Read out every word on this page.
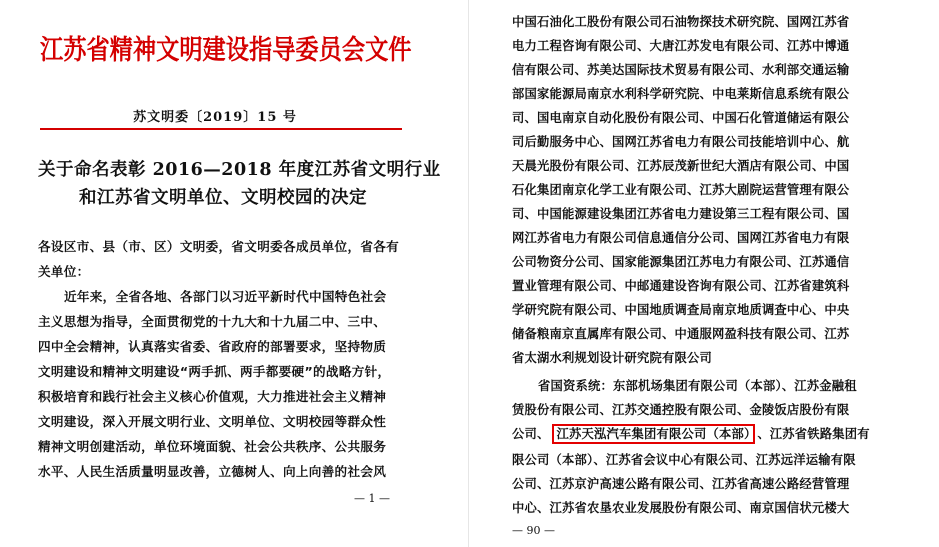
江苏省精神文明建设指导委员会文件
苏文明委〔2019〕15 号
关于命名表彰 2016—2018 年度江苏省文明行业
和江苏省文明单位、文明校园的决定
各设区市、县（市、区）文明委，省文明委各成员单位，省各有
关单位：
近年来，全省各地、各部门以习近平新时代中国特色社会
主义思想为指导，全面贯彻党的十九大和十九届二中、三中、
四中全会精神，认真落实省委、省政府的部署要求，坚持物质
文明建设和精神文明建设“两手抓、两手都要硬”的战略方针，
积极培育和践行社会主义核心价值观，大力推进社会主义精神
文明建设，深入开展文明行业、文明单位、文明校园等群众性
精神文明创建活动，单位环境面貌、社会公共秩序、公共服务
水平、人民生活质量明显改善，立德树人、向上向善的社会风
— 1 —
中国石油化工股份有限公司石油物探技术研究院、国网江苏省
电力工程咨询有限公司、大唐江苏发电有限公司、江苏中博通
信有限公司、苏美达国际技术贸易有限公司、水利部交通运输
部国家能源局南京水利科学研究院、中电莱斯信息系统有限公
司、国电南京自动化股份有限公司、中国石化管道储运有限公
司后勤服务中心、国网江苏省电力有限公司技能培训中心、航
天晨光股份有限公司、江苏辰茂新世纪大酒店有限公司、中国
石化集团南京化学工业有限公司、江苏大剧院运营管理有限公
司、中国能源建设集团江苏省电力建设第三工程有限公司、国
网江苏省电力有限公司信息通信分公司、国网江苏省电力有限
公司物资分公司、国家能源集团江苏电力有限公司、江苏通信
置业管理有限公司、中邮通建设咨询有限公司、江苏省建筑科
学研究院有限公司、中国地质调查局南京地质调查中心、中央
储备粮南京直属库有限公司、中通服网盈科技有限公司、江苏
省太湖水利规划设计研究院有限公司
省国资系统：东部机场集团有限公司（本部）、江苏金融租
赁股份有限公司、江苏交通控股有限公司、金陵饭店股份有限
公司、 江苏天泓汽车集团有限公司（本部） 、江苏省铁路集团有
限公司（本部）、江苏省会议中心有限公司、江苏远洋运输有限
公司、江苏京沪高速公路有限公司、江苏省高速公路经营管理
中心、江苏省农垦农业发展股份有限公司、南京国信状元楼大
— 90 —
